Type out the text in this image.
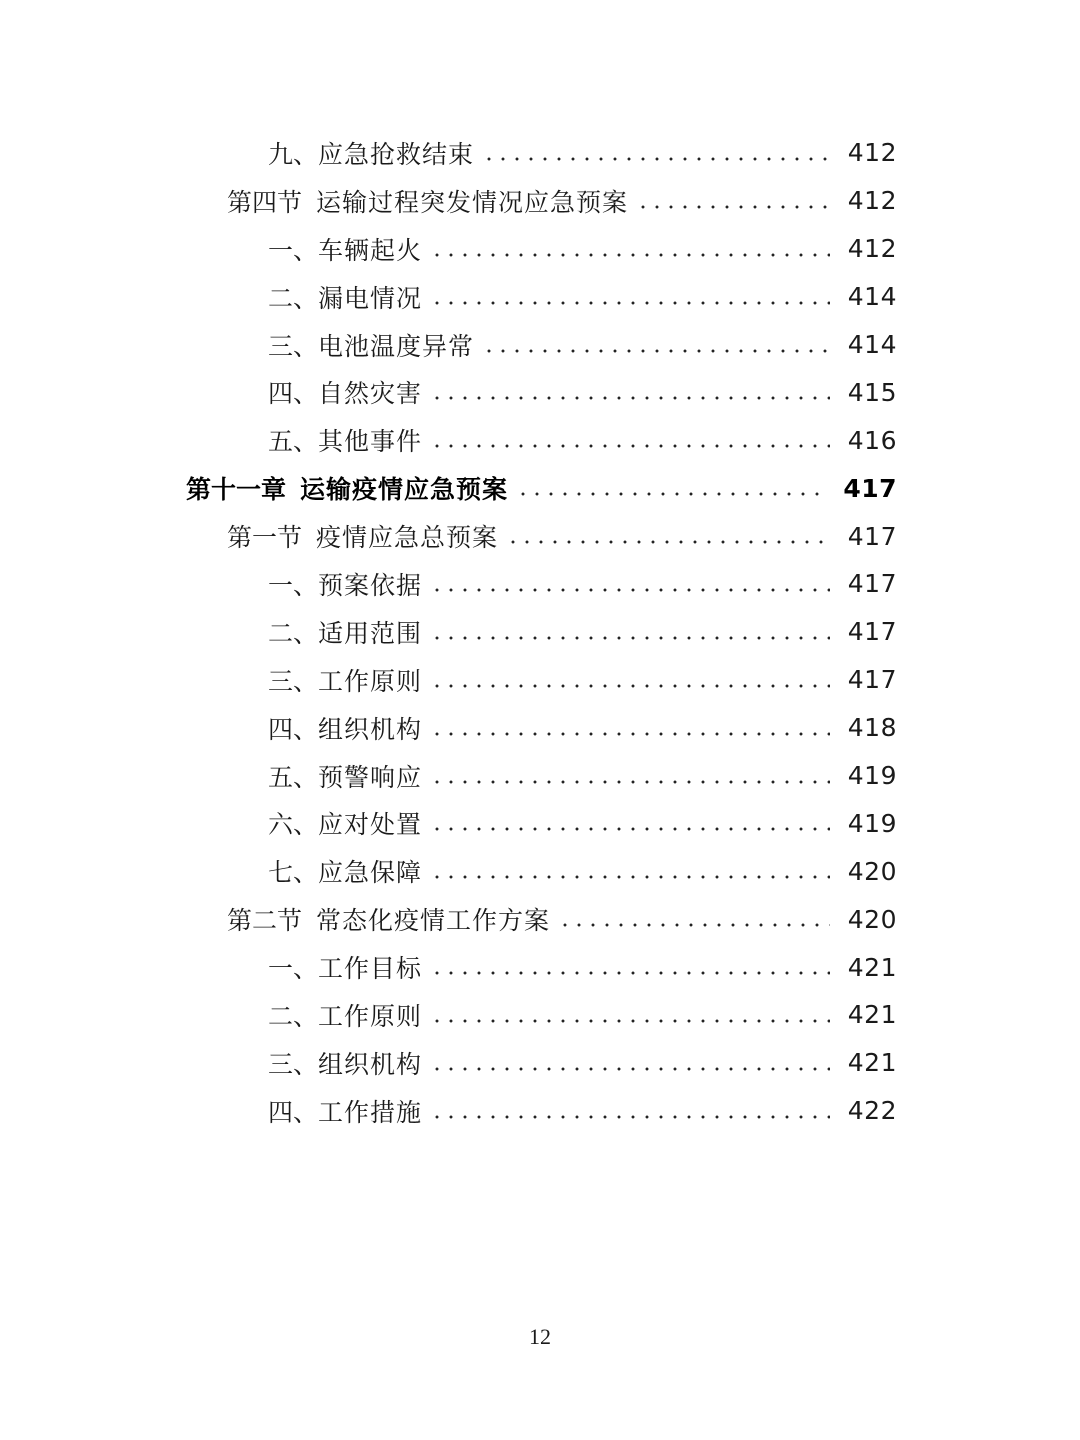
九、 应急抢救结束	412
第四节 运输过程突发情况应急预案	412
一、 车辆起火	412
二、 漏电情况	414
三、 电池温度异常	414
四、 自然灾害	415
五、 其他事件	416
第十一章 运输疫情应急预案	417
第一节 疫情应急总预案	417
一、 预案依据	417
二、 适用范围	417
三、 工作原则	417
四、 组织机构	418
五、 预警响应	419
六、 应对处置	419
七、 应急保障	420
第二节 常态化疫情工作方案	420
一、 工作目标	421
二、 工作原则	421
三、 组织机构	421
四、 工作措施	422
12
